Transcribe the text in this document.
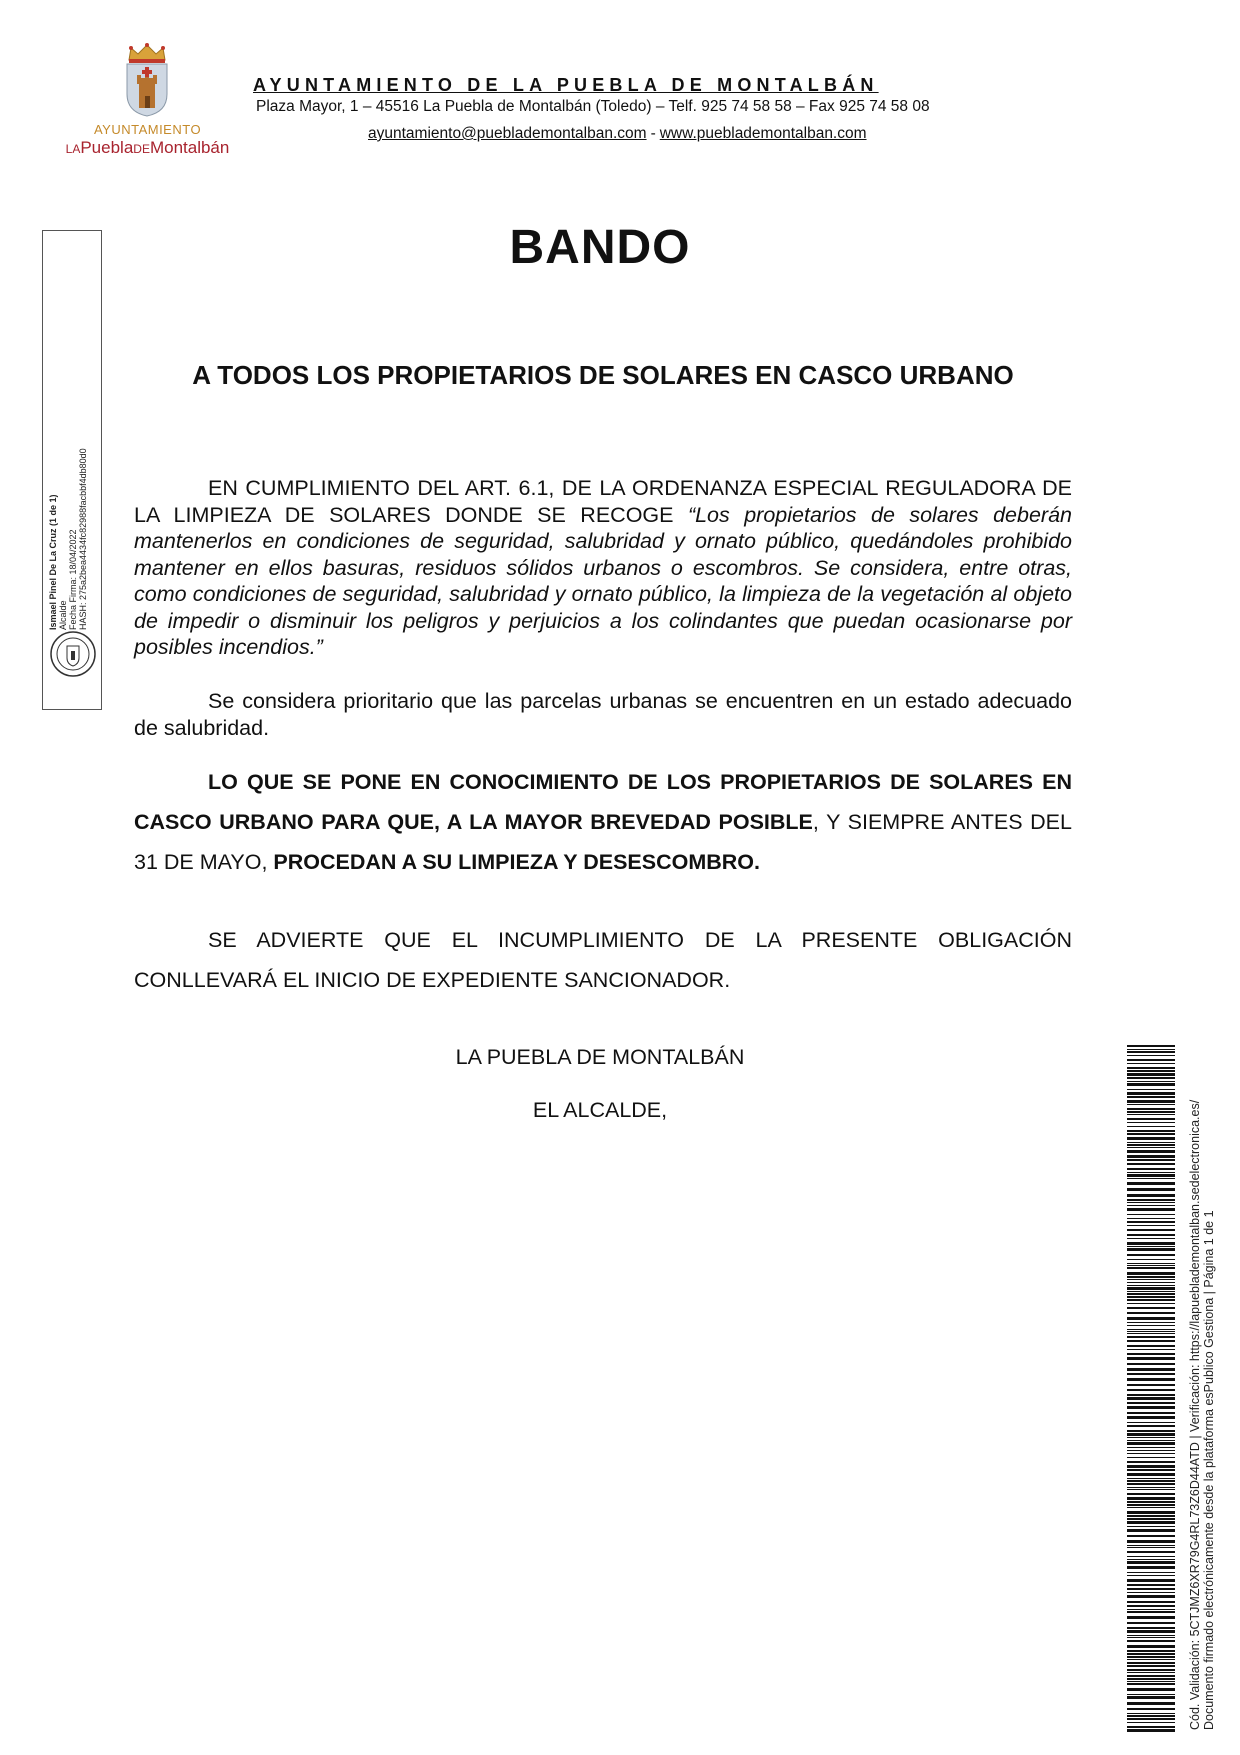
AYUNTAMIENTO
LAPueblaDEMontalbán
AYUNTAMIENTO DE LA PUEBLA DE MONTALBÁN
Plaza Mayor, 1 – 45516 La Puebla de Montalbán (Toledo) – Telf. 925 74 58 58 – Fax 925 74 58 08
ayuntamiento@pueblademontalban.com - www.pueblademontalban.com
Ismael Pinel De La Cruz (1 de 1) Alcalde Fecha Firma: 18/04/2022 HASH: 275a2bea4434fc82988facbbf4db80d0
BANDO
A TODOS LOS PROPIETARIOS DE SOLARES EN CASCO URBANO
EN CUMPLIMIENTO DEL ART. 6.1, DE LA ORDENANZA ESPECIAL REGULADORA DE LA LIMPIEZA DE SOLARES DONDE SE RECOGE “Los propietarios de solares deberán mantenerlos en condiciones de seguridad, salubridad y ornato público, quedándoles prohibido mantener en ellos basuras, residuos sólidos urbanos o escombros. Se considera, entre otras, como condiciones de seguridad, salubridad y ornato público, la limpieza de la vegetación al objeto de impedir o disminuir los peligros y perjuicios a los colindantes que puedan ocasionarse por posibles incendios.”
Se considera prioritario que las parcelas urbanas se encuentren en un estado adecuado de salubridad.
LO QUE SE PONE EN CONOCIMIENTO DE LOS PROPIETARIOS DE SOLARES EN CASCO URBANO PARA QUE, A LA MAYOR BREVEDAD POSIBLE, Y SIEMPRE ANTES DEL 31 DE MAYO, PROCEDAN A SU LIMPIEZA Y DESESCOMBRO.
SE ADVIERTE QUE EL INCUMPLIMIENTO DE LA PRESENTE OBLIGACIÓN CONLLEVARÁ EL INICIO DE EXPEDIENTE SANCIONADOR.
LA PUEBLA DE MONTALBÁN
EL ALCALDE,	Cód. Validación: 5CTJMZ6XR79G4RL73Z6D44ATD | Verificación: https://lapueblademontalban.sedelectronica.es/ Documento firmado electrónicamente desde la plataforma esPublico Gestiona | Página 1 de 1
